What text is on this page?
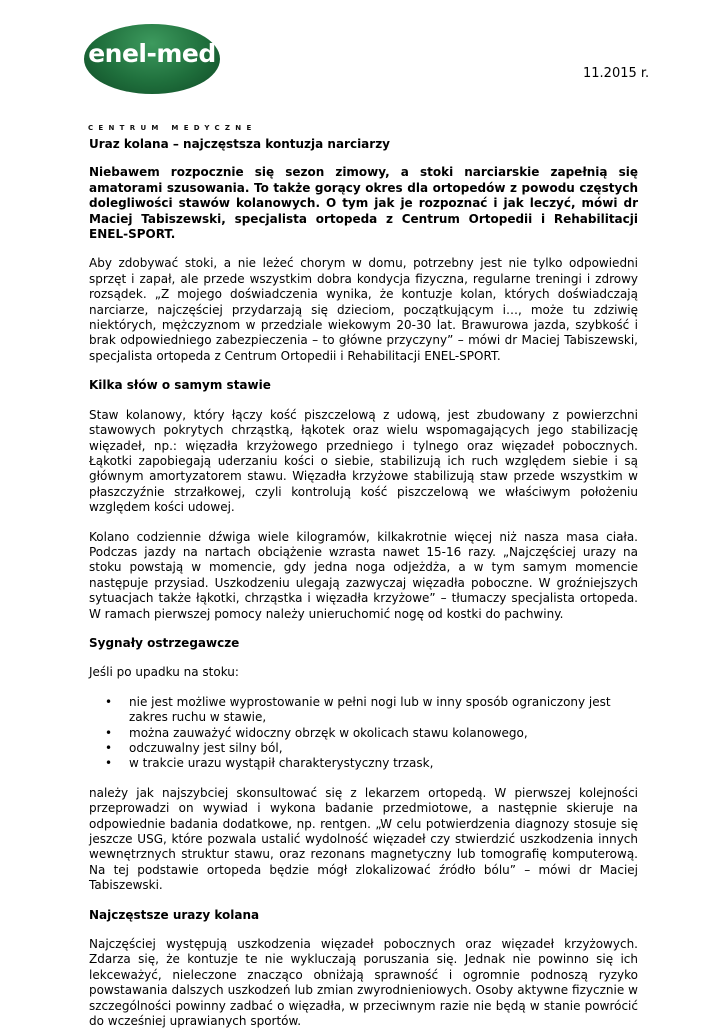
enel-med
CENTRUM MEDYCZNE
11.2015 r.
Uraz kolana – najczęstsza kontuzja narciarzy

Niebawem rozpocznie się sezon zimowy, a stoki narciarskie zapełnią się amatorami szusowania. To także gorący okres dla ortopedów z powodu częstych dolegliwości stawów kolanowych. O tym jak je rozpoznać i jak leczyć, mówi dr Maciej Tabiszewski, specjalista ortopeda z Centrum Ortopedii i Rehabilitacji ENEL-SPORT.

Aby zdobywać stoki, a nie leżeć chorym w domu, potrzebny jest nie tylko odpowiedni sprzęt i zapał, ale przede wszystkim dobra kondycja fizyczna, regularne treningi i zdrowy rozsądek. „Z mojego doświadczenia wynika, że kontuzje kolan, których doświadczają narciarze, najczęściej przydarzają się dzieciom, początkującym i…, może tu zdziwię niektórych, mężczyznom w przedziale wiekowym 20-30 lat. Brawurowa jazda, szybkość i brak odpowiedniego zabezpieczenia – to główne przyczyny” – mówi dr Maciej Tabiszewski, specjalista ortopeda z Centrum Ortopedii i Rehabilitacji ENEL-SPORT.

Kilka słów o samym stawie

Staw kolanowy, który łączy kość piszczelową z udową, jest zbudowany z powierzchni stawowych pokrytych chrząstką, łąkotek oraz wielu wspomagających jego stabilizację więzadeł, np.: więzadła krzyżowego przedniego i tylnego oraz więzadeł pobocznych. Łąkotki zapobiegają uderzaniu kości o siebie, stabilizują ich ruch względem siebie i są głównym amortyzatorem stawu. Więzadła krzyżowe stabilizują staw przede wszystkim w płaszczyźnie strzałkowej, czyli kontrolują kość piszczelową we właściwym położeniu względem kości udowej.

Kolano codziennie dźwiga wiele kilogramów, kilkakrotnie więcej niż nasza masa ciała. Podczas jazdy na nartach obciążenie wzrasta nawet 15-16 razy. „Najczęściej urazy na stoku powstają w momencie, gdy jedna noga odjeżdża, a w tym samym momencie następuje przysiad. Uszkodzeniu ulegają zazwyczaj więzadła poboczne. W groźniejszych sytuacjach także łąkotki, chrząstka i więzadła krzyżowe” – tłumaczy specjalista ortopeda. W ramach pierwszej pomocy należy unieruchomić nogę od kostki do pachwiny.

Sygnały ostrzegawcze

Jeśli po upadku na stoku:

• nie jest możliwe wyprostowanie w pełni nogi lub w inny sposób ograniczony jest zakres ruchu w stawie,
• można zauważyć widoczny obrzęk w okolicach stawu kolanowego,
• odczuwalny jest silny ból,
• w trakcie urazu wystąpił charakterystyczny trzask,

należy jak najszybciej skonsultować się z lekarzem ortopedą. W pierwszej kolejności przeprowadzi on wywiad i wykona badanie przedmiotowe, a następnie skieruje na odpowiednie badania dodatkowe, np. rentgen. „W celu potwierdzenia diagnozy stosuje się jeszcze USG, które pozwala ustalić wydolność więzadeł czy stwierdzić uszkodzenia innych wewnętrznych struktur stawu, oraz rezonans magnetyczny lub tomografię komputerową. Na tej podstawie ortopeda będzie mógł zlokalizować źródło bólu” – mówi dr Maciej Tabiszewski.

Najczęstsze urazy kolana

Najczęściej występują uszkodzenia więzadeł pobocznych oraz więzadeł krzyżowych. Zdarza się, że kontuzje te nie wykluczają poruszania się. Jednak nie powinno się ich lekceważyć, nieleczone znacząco obniżają sprawność i ogromnie podnoszą ryzyko powstawania dalszych uszkodzeń lub zmian zwyrodnieniowych. Osoby aktywne fizycznie w szczególności powinny zadbać o więzadła, w przeciwnym razie nie będą w stanie powrócić do wcześniej uprawianych sportów.
